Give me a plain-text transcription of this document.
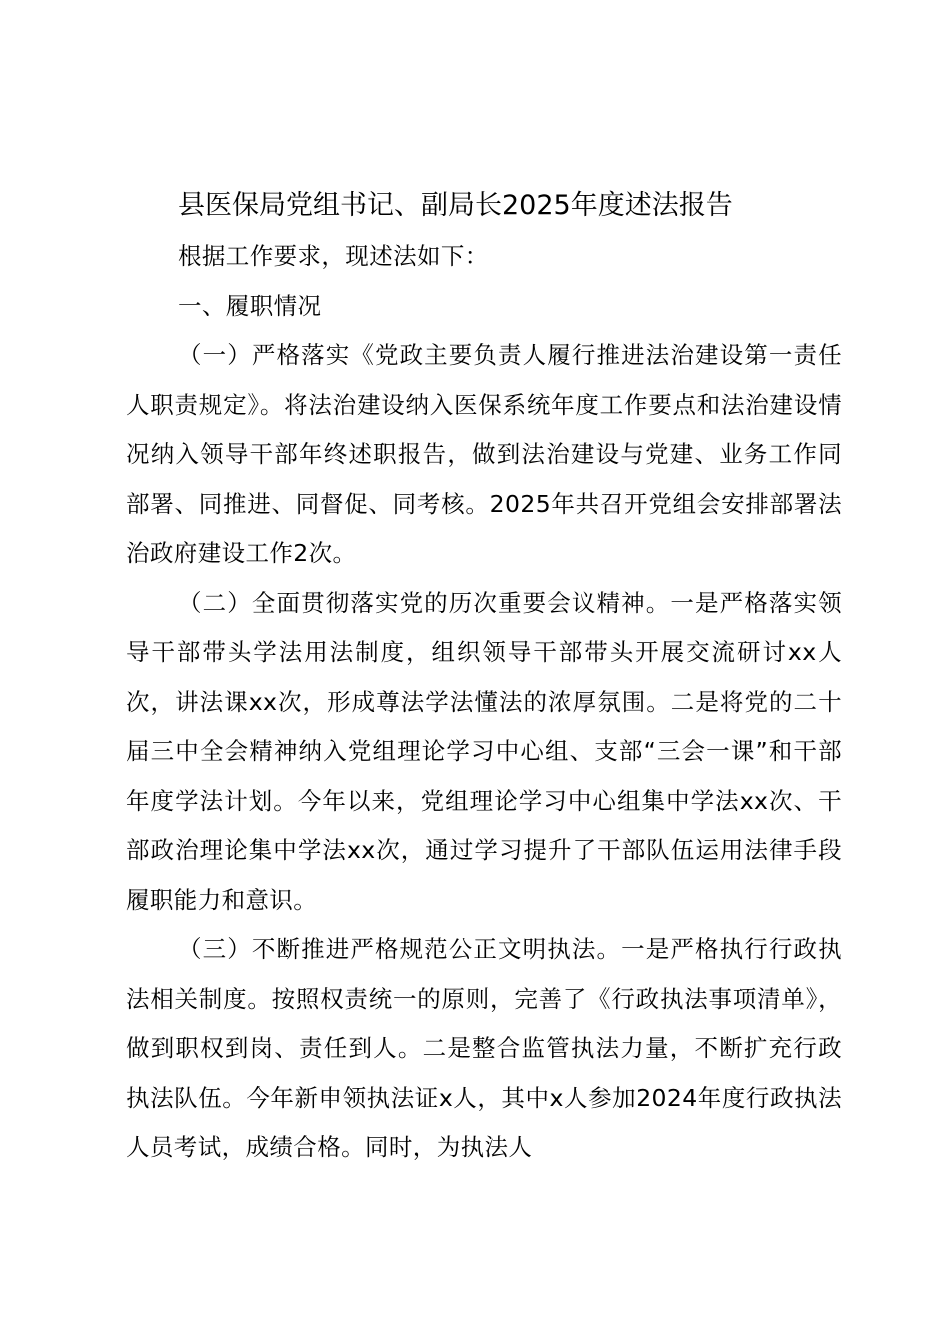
县医保局党组书记、副局长2025年度述法报告

根据工作要求，现述法如下：

一、履职情况

（一）严格落实《党政主要负责人履行推进法治建设第一责任人职责规定》。将法治建设纳入医保系统年度工作要点和法治建设情况纳入领导干部年终述职报告，做到法治建设与党建、业务工作同部署、同推进、同督促、同考核。2025年共召开党组会安排部署法治政府建设工作2次。

（二）全面贯彻落实党的历次重要会议精神。一是严格落实领导干部带头学法用法制度，组织领导干部带头开展交流研讨xx人次，讲法课xx次，形成尊法学法懂法的浓厚氛围。二是将党的二十届三中全会精神纳入党组理论学习中心组、支部“三会一课”和干部年度学法计划。今年以来，党组理论学习中心组集中学法xx次、干部政治理论集中学法xx次，通过学习提升了干部队伍运用法律手段履职能力和意识。

（三）不断推进严格规范公正文明执法。一是严格执行行政执法相关制度。按照权责统一的原则，完善了《行政执法事项清单》，做到职权到岗、责任到人。二是整合监管执法力量，不断扩充行政执法队伍。今年新申领执法证x人，其中x人参加2024年度行政执法人员考试，成绩合格。同时，为执法人
